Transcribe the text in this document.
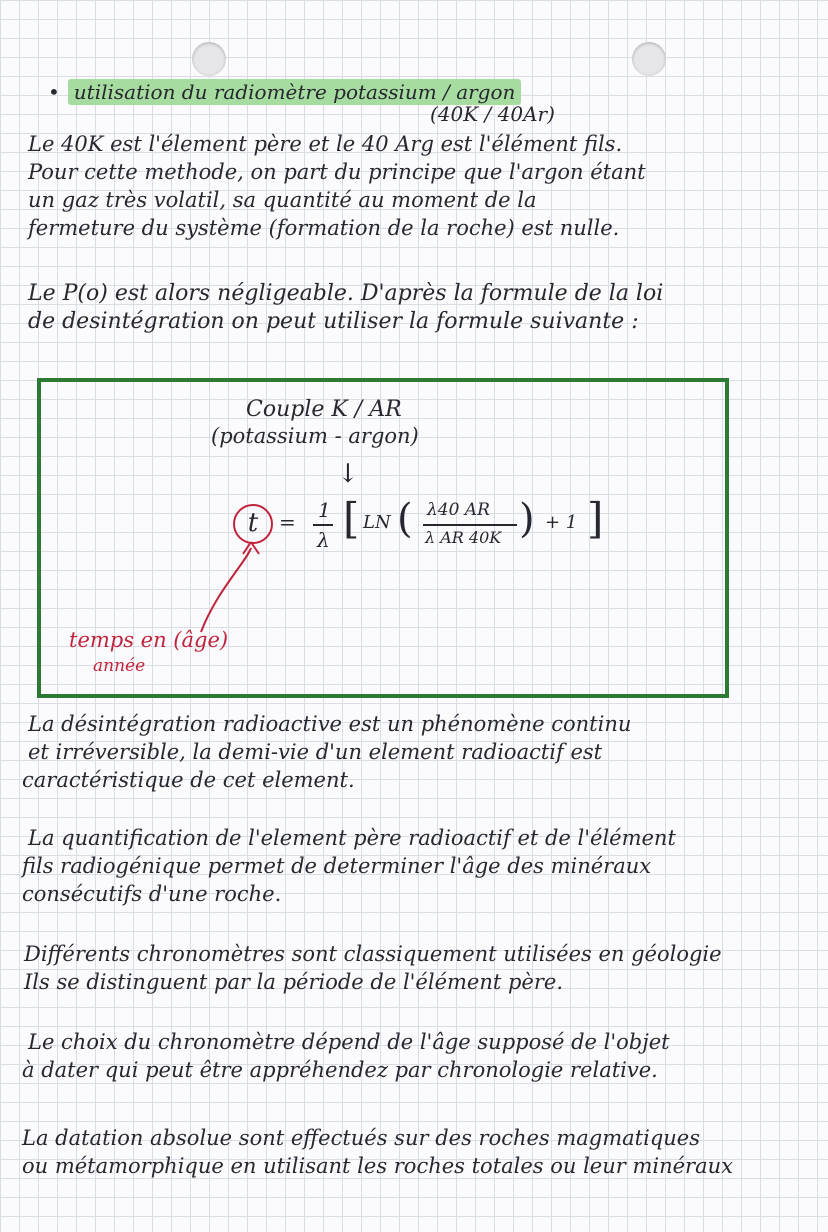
• utilisation du radiomètre potassium / argon
(40K / 40Ar)
Le 40K est l'élement père et le 40 Arg est l'élément fils.
Pour cette methode, on part du principe que l'argon étant
un gaz très volatil, sa quantité au moment de la
fermeture du système (formation de la roche) est nulle.
Le P(o) est alors négligeable. D'après la formule de la loi
de desintégration on peut utiliser la formule suivante :
Couple K / AR
(potassium - argon)
↓
t	= 1
λ [ LN ( λ40 AR
λ AR 40K ) + 1 ]
temps en (âge)
année
La désintégration radioactive est un phénomène continu
et irréversible, la demi-vie d'un element radioactif est
caractéristique de cet element.
La quantification de l'element père radioactif et de l'élément
fils radiogénique permet de determiner l'âge des minéraux
consécutifs d'une roche.
Différents chronomètres sont classiquement utilisées en géologie
Ils se distinguent par la période de l'élément père.
Le choix du chronomètre dépend de l'âge supposé de l'objet
à dater qui peut être appréhendez par chronologie relative.
La datation absolue sont effectués sur des roches magmatiques
ou métamorphique en utilisant les roches totales ou leur minéraux
